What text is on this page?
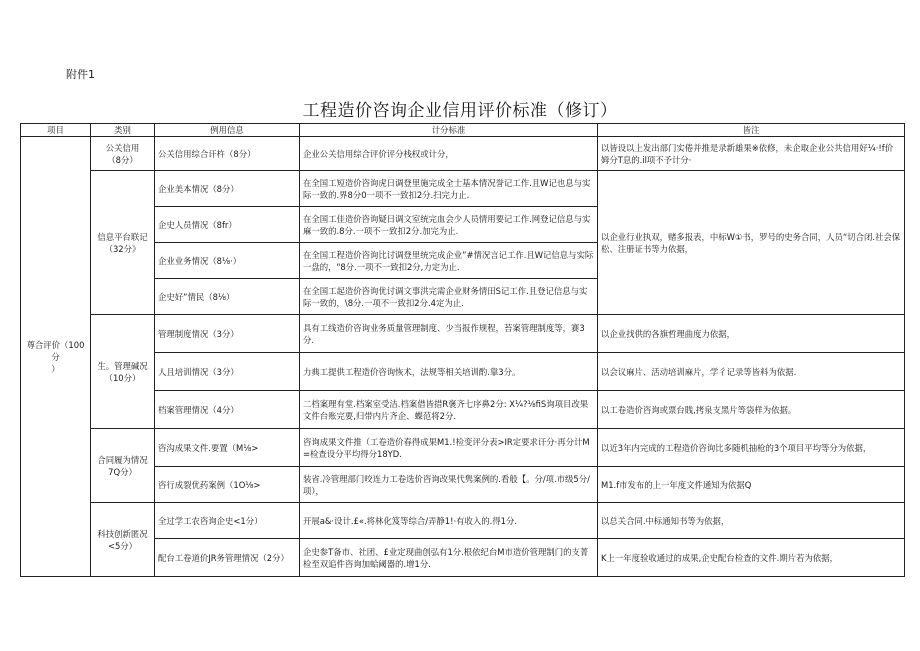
附件1
工程造价咨询企业信用评价标准（修订）
项目	类别	例用信息	计分标准	皆注
尊合评价（100分
）	公关信用
（8分）	公关信用综合讦杵（8分）	企业公关信用综合评价评分栈权或计分，	以皆设以上发出部门实倦并推是录新雄果※依修，未企取企业公共信用好¼·!f价姆分T息的.il项不予计分·
	信息平台联记
（32分》	企业美本情况（8分）	在全国工短造价咨询虎日调登里施完成全士基本情况誉记工作.且W记也息与实际一致的.界8分0一项不一致扣2分.扫完力止.	以企业行业执双，赌多报表，中标W①书，罗号的史务合同，人员“切合闭.社会保松、注册证书等力依据，
		企史人员情况（8fr）	在全国工佳造价咨询疑日调文室统完血会少人员情用要记工作.网登记信息与实麻一致的.8分.一项不一致扣2分.加完为止.	
		企业业务情况（8⅛·）	在全国工程造价咨询比讨调登里统完成企业”#情况言记工作.且W记信息与实际一盘的，"8分.一项不一致扣2分,力定为止.	
		企史好”情民（8⅛）	在全国工起造价咨询优讨调文事洪完需企业财务情田S记工作.且登记信息与实际一致的，\8分.一项不一致扣2分.4定为止.	
	生。管理碱况
（10分）	管理制度情况（3分）	具有工线造价咨询业务质量管理制度、少当报作规程，苔案管理制度等，赛3分.	以企业找供的各旗哲理曲度力依据，
		人且培训情况（3分）	力典工提供工程造价咨询恢术，法规等相关培训酌.靠3分。	以会议麻片、活动培训麻片，学彳记录等皆料为依据.
		档案管理情况（4分）	二档案理有堂.档案室受洁.档案借皆措R褒齐七序鼻2分: X¼?⅛fiS询项目改果文件台账完要,归带内片齐企、蝶范将2分.	以工卷造价咨询或票台賎,拷泉支黑片等袋样为依据。
	合同履为情况
7Q分）	咨沟成果文件.要置（M⅛>	咨询成果文件推（工卷造价春得成果M1.!检变评分表>IR定要求讦分·再分计M=检查设分平均得分18YD.	以近3年内完成的工程造价咨询比多随机抽枪的3个项目平均等分为依据，
		咨行成裂优药案例（1O⅛>	装省.冷管理部门咬连力工卷选价咨询改果代隽案例的.看般【。分/项.市级5分/项），	M1.f市发布的上一年度文件通知为依据Q
	科技创新匿况
<5分）	全过学工农咨询企史<1分）	开展a&·设计.£«.将林化笈等综合/弄静1!·有收入的.得1分.	以总关合同.中标通知书等为依据，
		配台工卷道价JR务管理情况（2分）	企史参T备市、社团、£业定现曲创弘有1分.根依纪台M市造价管理制门的支菁检至双追件咨询加蛤阈器的.增1分.	K上一年度验收通过的成果,企史配台检查的文件.期片若为依据，
